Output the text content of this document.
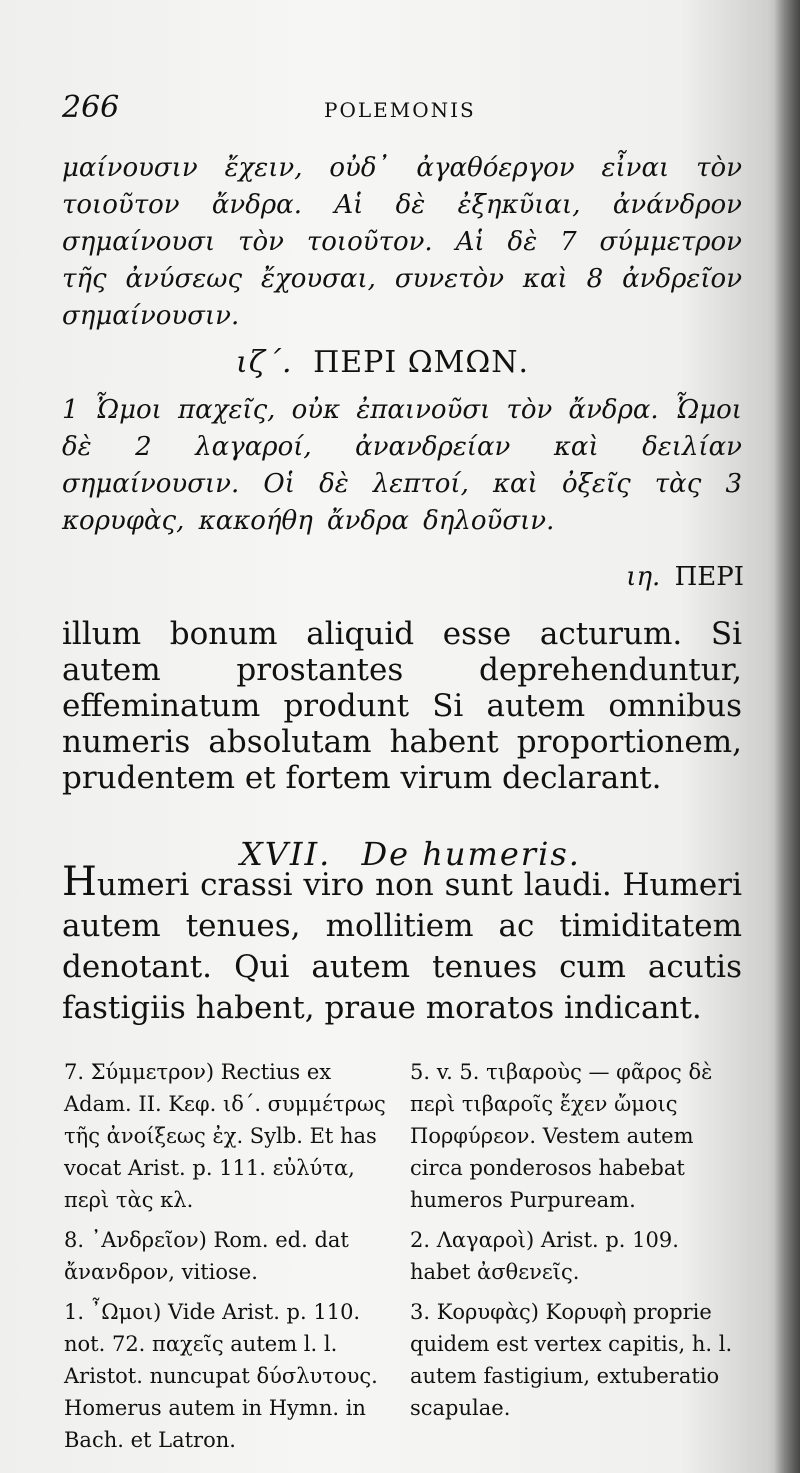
266	POLEMONIS
μαίνουσιν ἔχειν, οὐδ᾽ ἀγαθόεργον εἶναι τὸν τοιοῦτον ἄνδρα. Αἱ δὲ ἐξηκῦιαι, ἀνάνδρον σημαίνουσι τὸν τοιοῦτον. Αἱ δὲ 7 σύμμετρον τῆς ἀνύσεως ἔχουσαι, συνετὸν καὶ 8 ἀνδρεῖον σημαίνουσιν.
ιζ΄. ΠΕΡΙ ΩΜΩΝ.
1 Ὦμοι παχεῖς, οὐκ ἐπαινοῦσι τὸν ἄνδρα. Ὦμοι δὲ 2 λαγαροί, ἀνανδρείαν καὶ δειλίαν σημαίνουσιν. Οἱ δὲ λεπτοί, καὶ ὀξεῖς τὰς 3 κορυφὰς, κακοήθη ἄνδρα δηλοῦσιν.
ιη. ΠΕΡΙ
illum bonum aliquid esse acturum. Si autem prostantes deprehenduntur, effeminatum produnt Si autem omnibus numeris absolutam habent proportionem, prudentem et fortem virum declarant.
XVII. De humeris.
Humeri crassi viro non sunt laudi. Humeri autem tenues, mollitiem ac timiditatem denotant. Qui autem tenues cum acutis fastigiis habent, praue moratos indicant.
7. Σύμμετρον) Rectius ex Adam. II. Κεφ. ιδ΄. συμμέτρως τῆς ἀνοίξεως ἐχ. Sylb. Et has vocat Arist. p. 111. εὐλύτα, περὶ τὰς κλ.
8. ᾽Ανδρεῖον) Rom. ed. dat ἄνανδρον, vitiose.
1. ῏Ωμοι) Vide Arist. p. 110. not. 72. παχεῖς autem l. l. Aristot. nuncupat δύσλυτους. Homerus autem in Hymn. in Bach. et Latron.
5. v. 5. τιβαροὺς — φᾶρος δὲ περὶ τιβαροῖς ἔχεν ὤμοις Πορφύρεον. Vestem autem circa ponderosos habebat humeros Purpuream.
2. Λαγαροὶ) Arist. p. 109. habet ἀσθενεῖς.
3. Κορυφὰς) Κορυφὴ proprie quidem est vertex capitis, h. l. autem fastigium, extuberatio scapulae.
